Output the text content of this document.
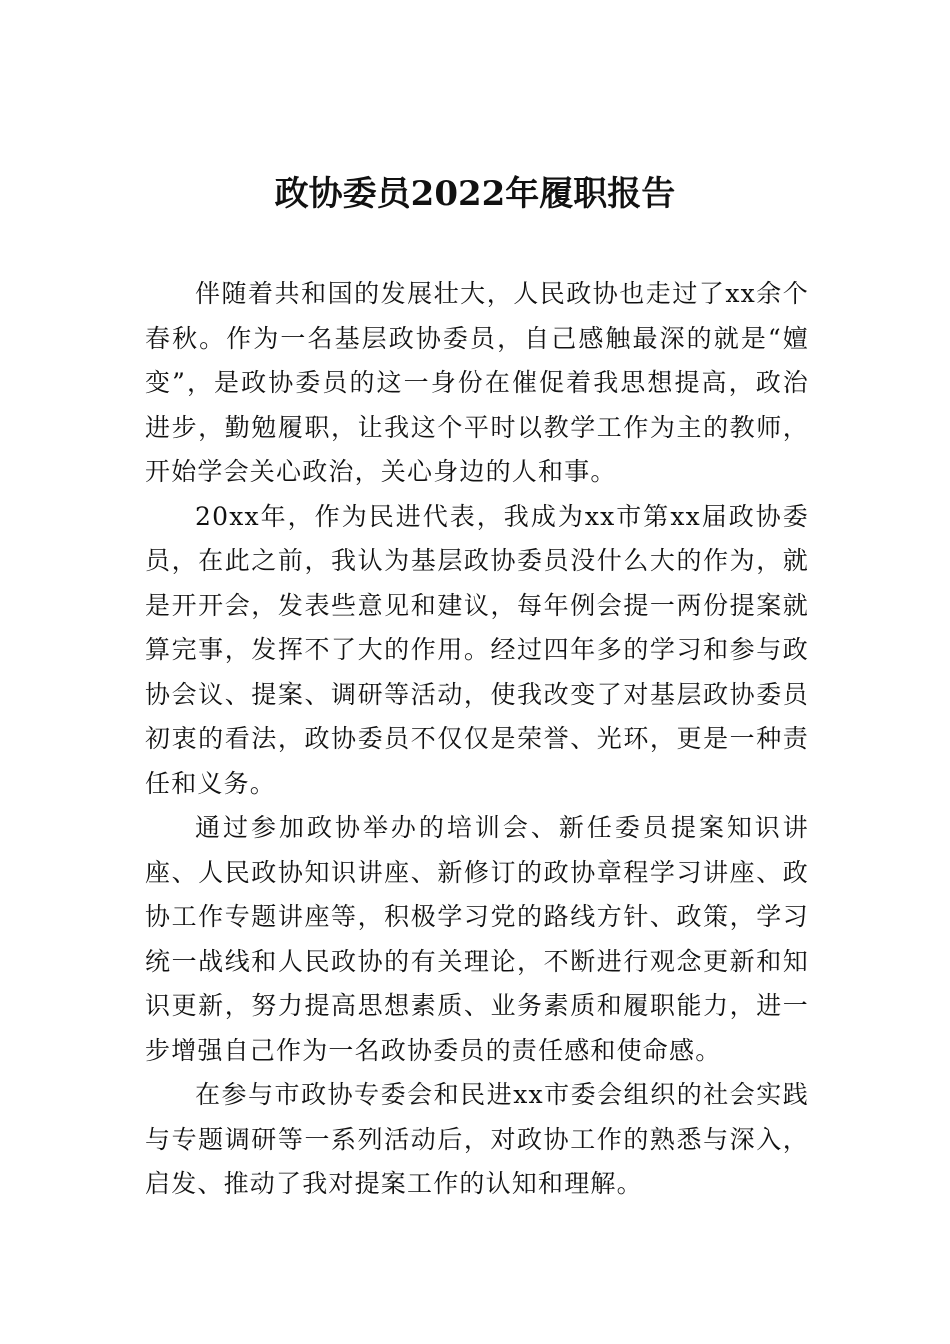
政协委员2022年履职报告

伴随着共和国的发展壮大，人民政协也走过了xx余个春秋。作为一名基层政协委员，自己感触最深的就是“嬗变”，是政协委员的这一身份在催促着我思想提高，政治进步，勤勉履职，让我这个平时以教学工作为主的教师，开始学会关心政治，关心身边的人和事。

20xx年，作为民进代表，我成为xx市第xx届政协委员，在此之前，我认为基层政协委员没什么大的作为，就是开开会，发表些意见和建议，每年例会提一两份提案就算完事，发挥不了大的作用。经过四年多的学习和参与政协会议、提案、调研等活动，使我改变了对基层政协委员初衷的看法，政协委员不仅仅是荣誉、光环，更是一种责任和义务。

通过参加政协举办的培训会、新任委员提案知识讲座、人民政协知识讲座、新修订的政协章程学习讲座、政协工作专题讲座等，积极学习党的路线方针、政策，学习统一战线和人民政协的有关理论，不断进行观念更新和知识更新，努力提高思想素质、业务素质和履职能力，进一步增强自己作为一名政协委员的责任感和使命感。

在参与市政协专委会和民进xx市委会组织的社会实践与专题调研等一系列活动后，对政协工作的熟悉与深入，启发、推动了我对提案工作的认知和理解。
